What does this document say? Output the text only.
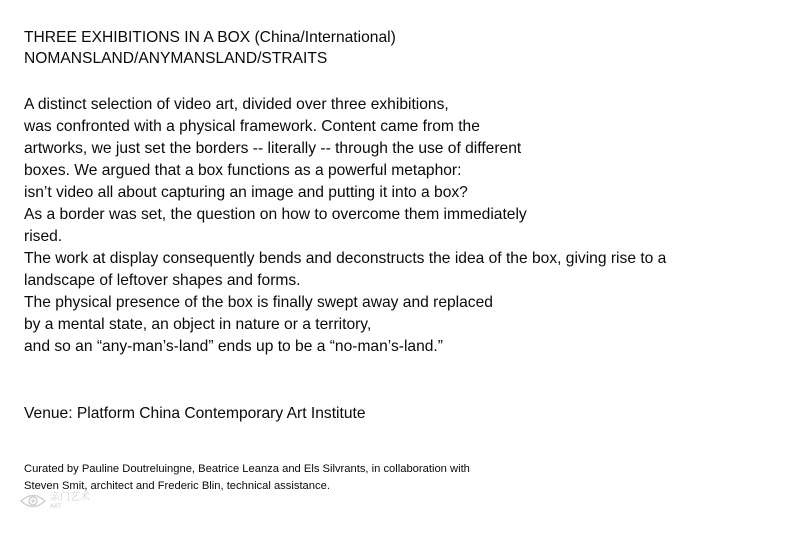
THREE EXHIBITIONS IN A BOX (China/International)
NOMANSLAND/ANYMANSLAND/STRAITS
A distinct selection of video art, divided over three exhibitions,
was confronted with a physical framework. Content came from the
artworks, we just set the borders -- literally -- through the use of different
boxes. We argued that a box functions as a powerful metaphor:
isn’t video all about capturing an image and putting it into a box?
As a border was set, the question on how to overcome them immediately
rised.
The work at display consequently bends and deconstructs the idea of the box, giving rise to a
landscape of leftover shapes and forms.
The physical presence of the box is finally swept away and replaced
by a mental state, an object in nature or a territory,
and so an “any-man’s-land” ends up to be a “no-man’s-land.”
Venue: Platform China Contemporary Art Institute
Curated by Pauline Doutreluingne, Beatrice Leanza and Els Silvrants, in collaboration with
Steven Smit, architect and Frederic Blin, technical assistance.
亲门艺术
ART
